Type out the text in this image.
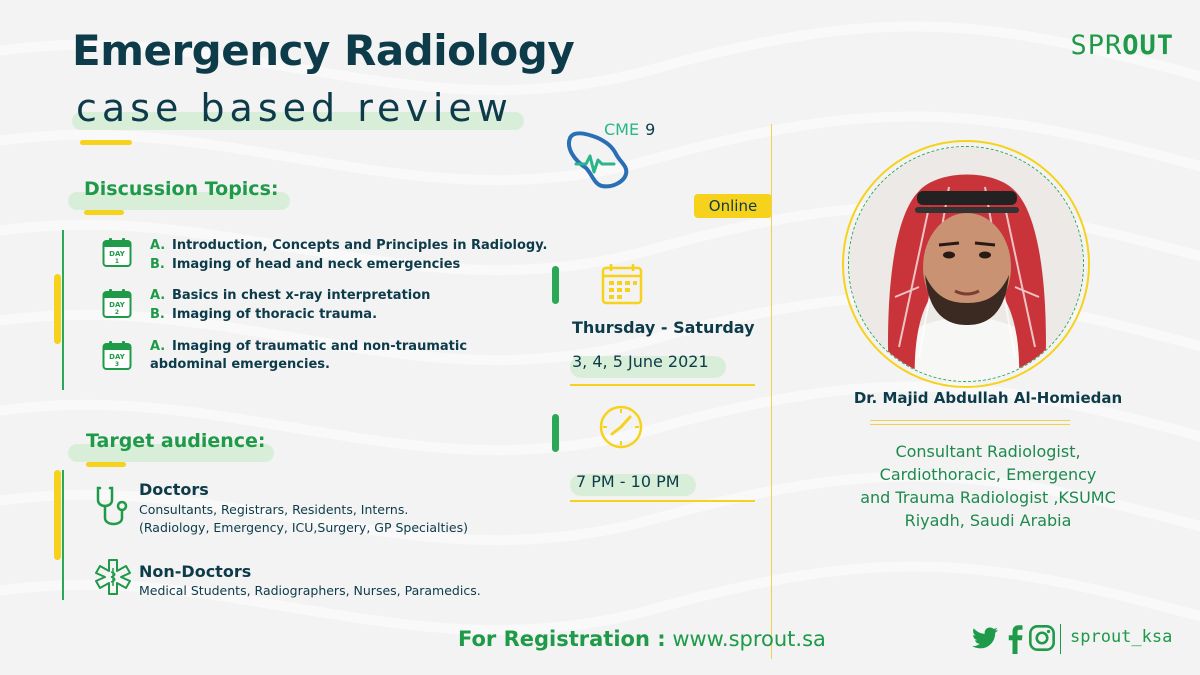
Emergency Radiology
case based review
SPROUT
Discussion Topics:
DAY
1
A. Introduction, Concepts and Principles in Radiology.
B. Imaging of head and neck emergencies
DAY
2
A. Basics in chest x-ray interpretation
B. Imaging of thoracic trauma.
DAY
3
A. Imaging of traumatic and non-traumatic
abdominal emergencies.
Target audience:
Doctors
Consultants, Registrars, Residents, Interns.
(Radiology, Emergency, ICU,Surgery, GP Specialties)
Non-Doctors
Medical Students, Radiographers, Nurses, Paramedics.
CME 9
Online
Thursday - Saturday
3, 4, 5 June 2021
7 PM - 10 PM
Dr. Majid Abdullah Al-Homiedan
Consultant Radiologist,
Cardiothoracic, Emergency
and Trauma Radiologist ,KSUMC
Riyadh, Saudi Arabia
For Registration : www.sprout.sa	sprout_ksa
